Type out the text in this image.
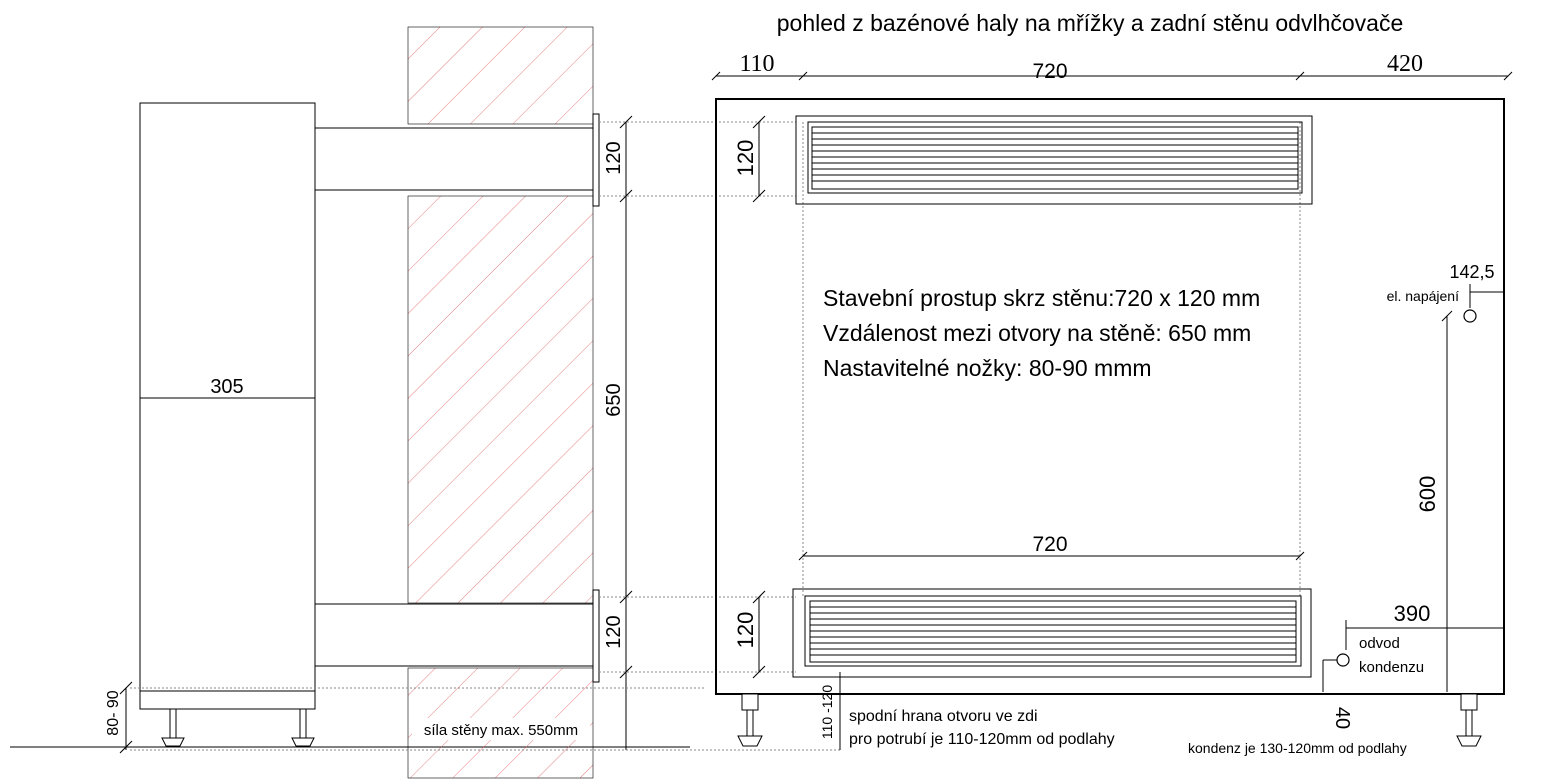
pohled z bazénové haly na mřížky a zadní stěnu odvlhčovače
305
120
650
120
80- 90	síla stěny max. 550mm
110	720	420
120
120
720
Stavební prostup skrz stěnu:720 x 120 mm
Vzdálenost mezi otvory na stěně: 650 mm
Nastavitelné nožky: 80-90 mmm
142,5
el. napájení
600
390
odvod
kondenzu
40
110 -120 spodní hrana otvoru ve zdi
pro potrubí je 110-120mm od podlahy	kondenz je 130-120mm od podlahy
